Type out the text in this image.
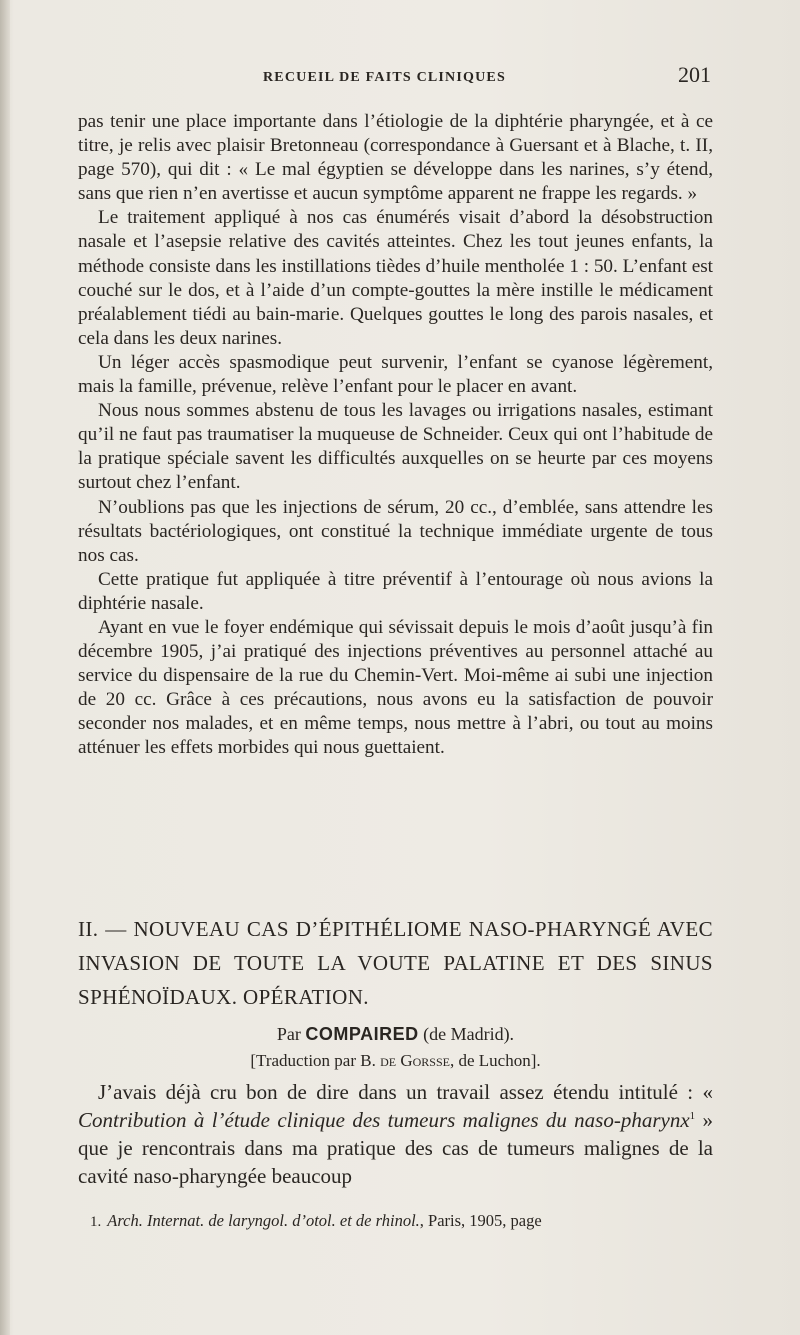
RECUEIL DE FAITS CLINIQUES	201

pas tenir une place importante dans l’étiologie de la diphtérie pharyngée, et à ce titre, je relis avec plaisir Bretonneau (correspondance à Guersant et à Blache, t. II, page 570), qui dit : « Le mal égyptien se développe dans les narines, s’y étend, sans que rien n’en avertisse et aucun symptôme apparent ne frappe les regards. »

Le traitement appliqué à nos cas énumérés visait d’abord la désobstruction nasale et l’asepsie relative des cavités atteintes. Chez les tout jeunes enfants, la méthode consiste dans les instillations tièdes d’huile mentholée 1 : 50. L’enfant est couché sur le dos, et à l’aide d’un compte-gouttes la mère instille le médicament préalablement tiédi au bain-marie. Quelques gouttes le long des parois nasales, et cela dans les deux narines.

Un léger accès spasmodique peut survenir, l’enfant se cyanose légèrement, mais la famille, prévenue, relève l’enfant pour le placer en avant.

Nous nous sommes abstenu de tous les lavages ou irrigations nasales, estimant qu’il ne faut pas traumatiser la muqueuse de Schneider. Ceux qui ont l’habitude de la pratique spéciale savent les difficultés auxquelles on se heurte par ces moyens surtout chez l’enfant.

N’oublions pas que les injections de sérum, 20 cc., d’emblée, sans attendre les résultats bactériologiques, ont constitué la technique immédiate urgente de tous nos cas.

Cette pratique fut appliquée à titre préventif à l’entourage où nous avions la diphtérie nasale.

Ayant en vue le foyer endémique qui sévissait depuis le mois d’août jusqu’à fin décembre 1905, j’ai pratiqué des injections préventives au personnel attaché au service du dispensaire de la rue du Chemin-Vert. Moi-même ai subi une injection de 20 cc. Grâce à ces précautions, nous avons eu la satisfaction de pouvoir seconder nos malades, et en même temps, nous mettre à l’abri, ou tout au moins atténuer les effets morbides qui nous guettaient.

II. — NOUVEAU CAS D’ÉPITHÉLIOME NASO-PHARYNGÉ AVEC INVASION DE TOUTE LA VOUTE PALATINE ET DES SINUS SPHÉNOÏDAUX. OPÉRATION.
Par COMPAIRED (de Madrid).
[Traduction par B. de Gorsse, de Luchon].

J’avais déjà cru bon de dire dans un travail assez étendu intitulé : « Contribution à l’étude clinique des tumeurs malignes du naso-pharynx$^1$ » que je rencontrais dans ma pratique des cas de tumeurs malignes de la cavité naso-pharyngée beaucoup

1. Arch. Internat. de laryngol. d’otol. et de rhinol., Paris, 1905, page
